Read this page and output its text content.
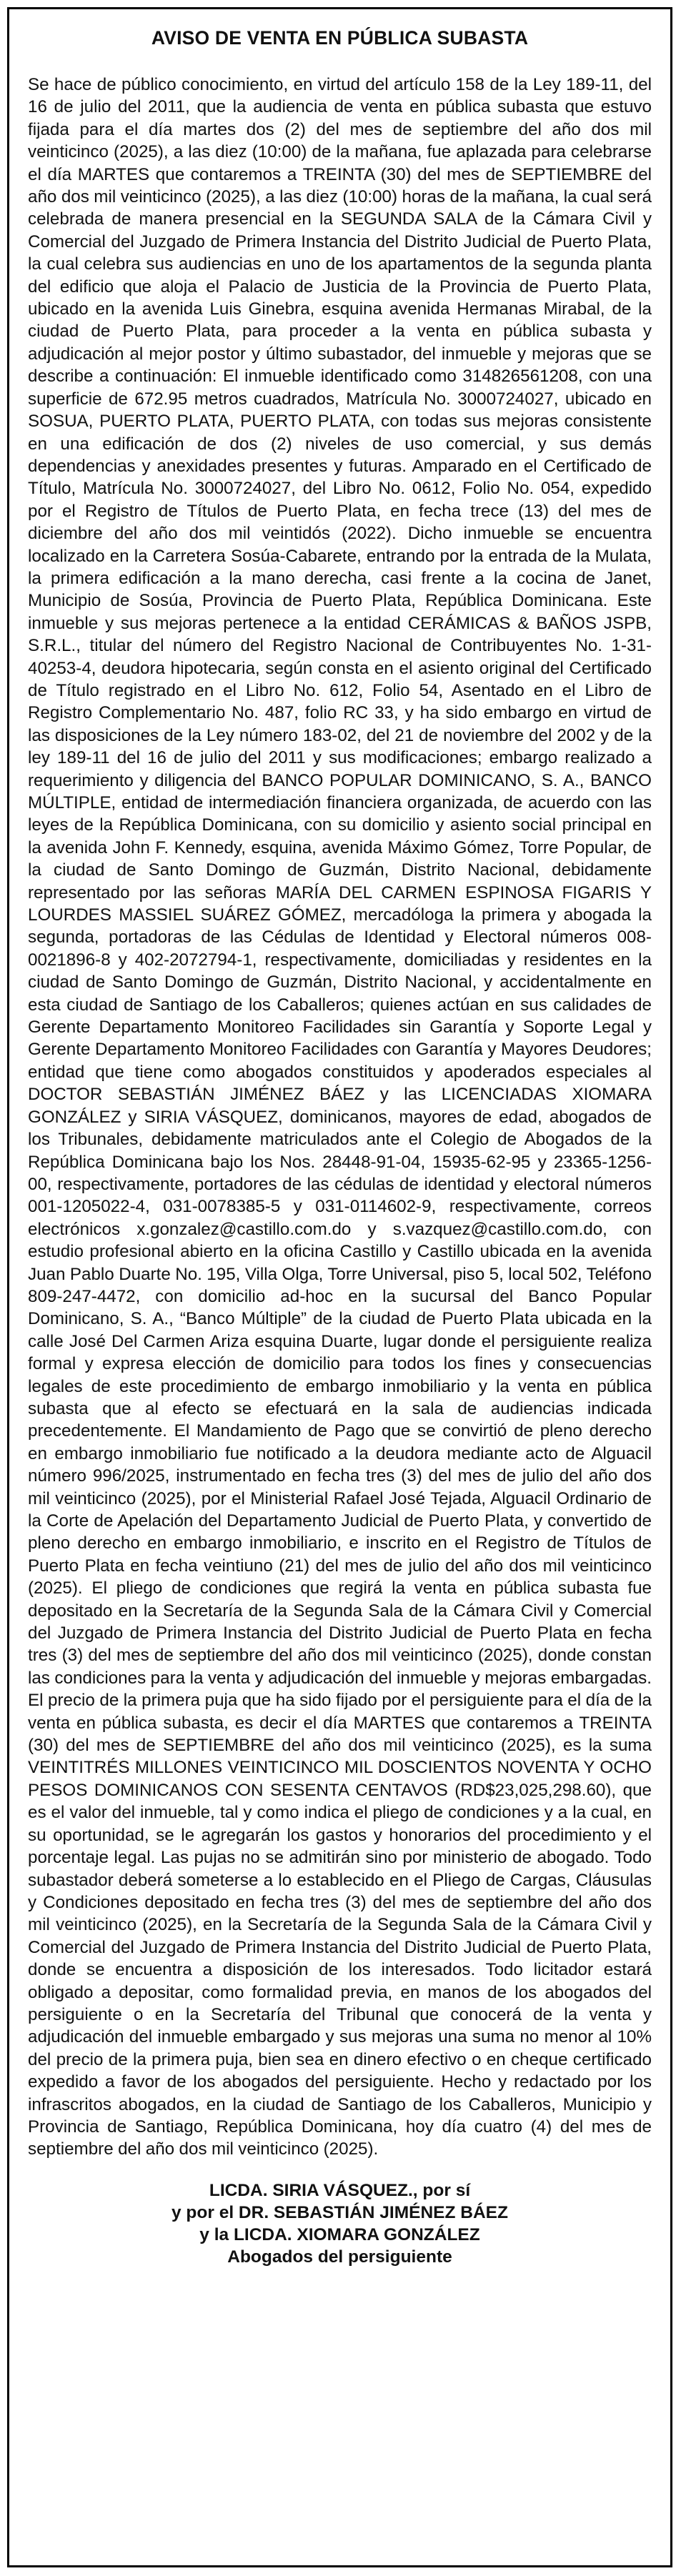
AVISO DE VENTA EN PÚBLICA SUBASTA

Se hace de público conocimiento, en virtud del artículo 158 de la Ley 189-11, del 16 de julio del 2011, que la audiencia de venta en pública subasta que estuvo fijada para el día martes dos (2) del mes de septiembre del año dos mil veinticinco (2025), a las diez (10:00) de la mañana, fue aplazada para celebrarse el día MARTES que contaremos a TREINTA (30) del mes de SEPTIEMBRE del año dos mil veinticinco (2025), a las diez (10:00) horas de la mañana, la cual será celebrada de manera presencial en la SEGUNDA SALA de la Cámara Civil y Comercial del Juzgado de Primera Instancia del Distrito Judicial de Puerto Plata, la cual celebra sus audiencias en uno de los apartamentos de la segunda planta del edificio que aloja el Palacio de Justicia de la Provincia de Puerto Plata, ubicado en la avenida Luis Ginebra, esquina avenida Hermanas Mirabal, de la ciudad de Puerto Plata, para proceder a la venta en pública subasta y adjudicación al mejor postor y último subastador, del inmueble y mejoras que se describe a continuación: El inmueble identificado como 314826561208, con una superficie de 672.95 metros cuadrados, Matrícula No. 3000724027, ubicado en SOSUA, PUERTO PLATA, PUERTO PLATA, con todas sus mejoras consistente en una edificación de dos (2) niveles de uso comercial, y sus demás dependencias y anexidades presentes y futuras. Amparado en el Certificado de Título, Matrícula No. 3000724027, del Libro No. 0612, Folio No. 054, expedido por el Registro de Títulos de Puerto Plata, en fecha trece (13) del mes de diciembre del año dos mil veintidós (2022). Dicho inmueble se encuentra localizado en la Carretera Sosúa-Cabarete, entrando por la entrada de la Mulata, la primera edificación a la mano derecha, casi frente a la cocina de Janet, Municipio de Sosúa, Provincia de Puerto Plata, República Dominicana. Este inmueble y sus mejoras pertenece a la entidad CERÁMICAS & BAÑOS JSPB, S.R.L., titular del número del Registro Nacional de Contribuyentes No. 1-31-40253-4, deudora hipotecaria, según consta en el asiento original del Certificado de Título registrado en el Libro No. 612, Folio 54, Asentado en el Libro de Registro Complementario No. 487, folio RC 33, y ha sido embargo en virtud de las disposiciones de la Ley número 183-02, del 21 de noviembre del 2002 y de la ley 189-11 del 16 de julio del 2011 y sus modificaciones; embargo realizado a requerimiento y diligencia del BANCO POPULAR DOMINICANO, S. A., BANCO MÚLTIPLE, entidad de intermediación financiera organizada, de acuerdo con las leyes de la República Dominicana, con su domicilio y asiento social principal en la avenida John F. Kennedy, esquina, avenida Máximo Gómez, Torre Popular, de la ciudad de Santo Domingo de Guzmán, Distrito Nacional, debidamente representado por las señoras MARÍA DEL CARMEN ESPINOSA FIGARIS Y LOURDES MASSIEL SUÁREZ GÓMEZ, mercadóloga la primera y abogada la segunda, portadoras de las Cédulas de Identidad y Electoral números 008-0021896-8 y 402-2072794-1, respectivamente, domiciliadas y residentes en la ciudad de Santo Domingo de Guzmán, Distrito Nacional, y accidentalmente en esta ciudad de Santiago de los Caballeros; quienes actúan en sus calidades de Gerente Departamento Monitoreo Facilidades sin Garantía y Soporte Legal y Gerente Departamento Monitoreo Facilidades con Garantía y Mayores Deudores; entidad que tiene como abogados constituidos y apoderados especiales al DOCTOR SEBASTIÁN JIMÉNEZ BÁEZ y las LICENCIADAS XIOMARA GONZÁLEZ y SIRIA VÁSQUEZ, dominicanos, mayores de edad, abogados de los Tribunales, debidamente matriculados ante el Colegio de Abogados de la República Dominicana bajo los Nos. 28448-91-04, 15935-62-95 y 23365-1256-00, respectivamente, portadores de las cédulas de identidad y electoral números 001-1205022-4, 031-0078385-5 y 031-0114602-9, respectivamente, correos electrónicos x.gonzalez@castillo.com.do y s.vazquez@castillo.com.do, con estudio profesional abierto en la oficina Castillo y Castillo ubicada en la avenida Juan Pablo Duarte No. 195, Villa Olga, Torre Universal, piso 5, local 502, Teléfono 809-247-4472, con domicilio ad-hoc en la sucursal del Banco Popular Dominicano, S. A., “Banco Múltiple” de la ciudad de Puerto Plata ubicada en la calle José Del Carmen Ariza esquina Duarte, lugar donde el persiguiente realiza formal y expresa elección de domicilio para todos los fines y consecuencias legales de este procedimiento de embargo inmobiliario y la venta en pública subasta que al efecto se efectuará en la sala de audiencias indicada precedentemente. El Mandamiento de Pago que se convirtió de pleno derecho en embargo inmobiliario fue notificado a la deudora mediante acto de Alguacil número 996/2025, instrumentado en fecha tres (3) del mes de julio del año dos mil veinticinco (2025), por el Ministerial Rafael José Tejada, Alguacil Ordinario de la Corte de Apelación del Departamento Judicial de Puerto Plata, y convertido de pleno derecho en embargo inmobiliario, e inscrito en el Registro de Títulos de Puerto Plata en fecha veintiuno (21) del mes de julio del año dos mil veinticinco (2025). El pliego de condiciones que regirá la venta en pública subasta fue depositado en la Secretaría de la Segunda Sala de la Cámara Civil y Comercial del Juzgado de Primera Instancia del Distrito Judicial de Puerto Plata en fecha tres (3) del mes de septiembre del año dos mil veinticinco (2025), donde constan las condiciones para la venta y adjudicación del inmueble y mejoras embargadas. El precio de la primera puja que ha sido fijado por el persiguiente para el día de la venta en pública subasta, es decir el día MARTES que contaremos a TREINTA (30) del mes de SEPTIEMBRE del año dos mil veinticinco (2025), es la suma VEINTITRÉS MILLONES VEINTICINCO MIL DOSCIENTOS NOVENTA Y OCHO PESOS DOMINICANOS CON SESENTA CENTAVOS (RD$23,025,298.60), que es el valor del inmueble, tal y como indica el pliego de condiciones y a la cual, en su oportunidad, se le agregarán los gastos y honorarios del procedimiento y el porcentaje legal. Las pujas no se admitirán sino por ministerio de abogado. Todo subastador deberá someterse a lo establecido en el Pliego de Cargas, Cláusulas y Condiciones depositado en fecha tres (3) del mes de septiembre del año dos mil veinticinco (2025), en la Secretaría de la Segunda Sala de la Cámara Civil y Comercial del Juzgado de Primera Instancia del Distrito Judicial de Puerto Plata, donde se encuentra a disposición de los interesados. Todo licitador estará obligado a depositar, como formalidad previa, en manos de los abogados del persiguiente o en la Secretaría del Tribunal que conocerá de la venta y adjudicación del inmueble embargado y sus mejoras una suma no menor al 10% del precio de la primera puja, bien sea en dinero efectivo o en cheque certificado expedido a favor de los abogados del persiguiente. Hecho y redactado por los infrascritos abogados, en la ciudad de Santiago de los Caballeros, Municipio y Provincia de Santiago, República Dominicana, hoy día cuatro (4) del mes de septiembre del año dos mil veinticinco (2025).

LICDA. SIRIA VÁSQUEZ., por sí
y por el DR. SEBASTIÁN JIMÉNEZ BÁEZ
y la LICDA. XIOMARA GONZÁLEZ
Abogados del persiguiente
